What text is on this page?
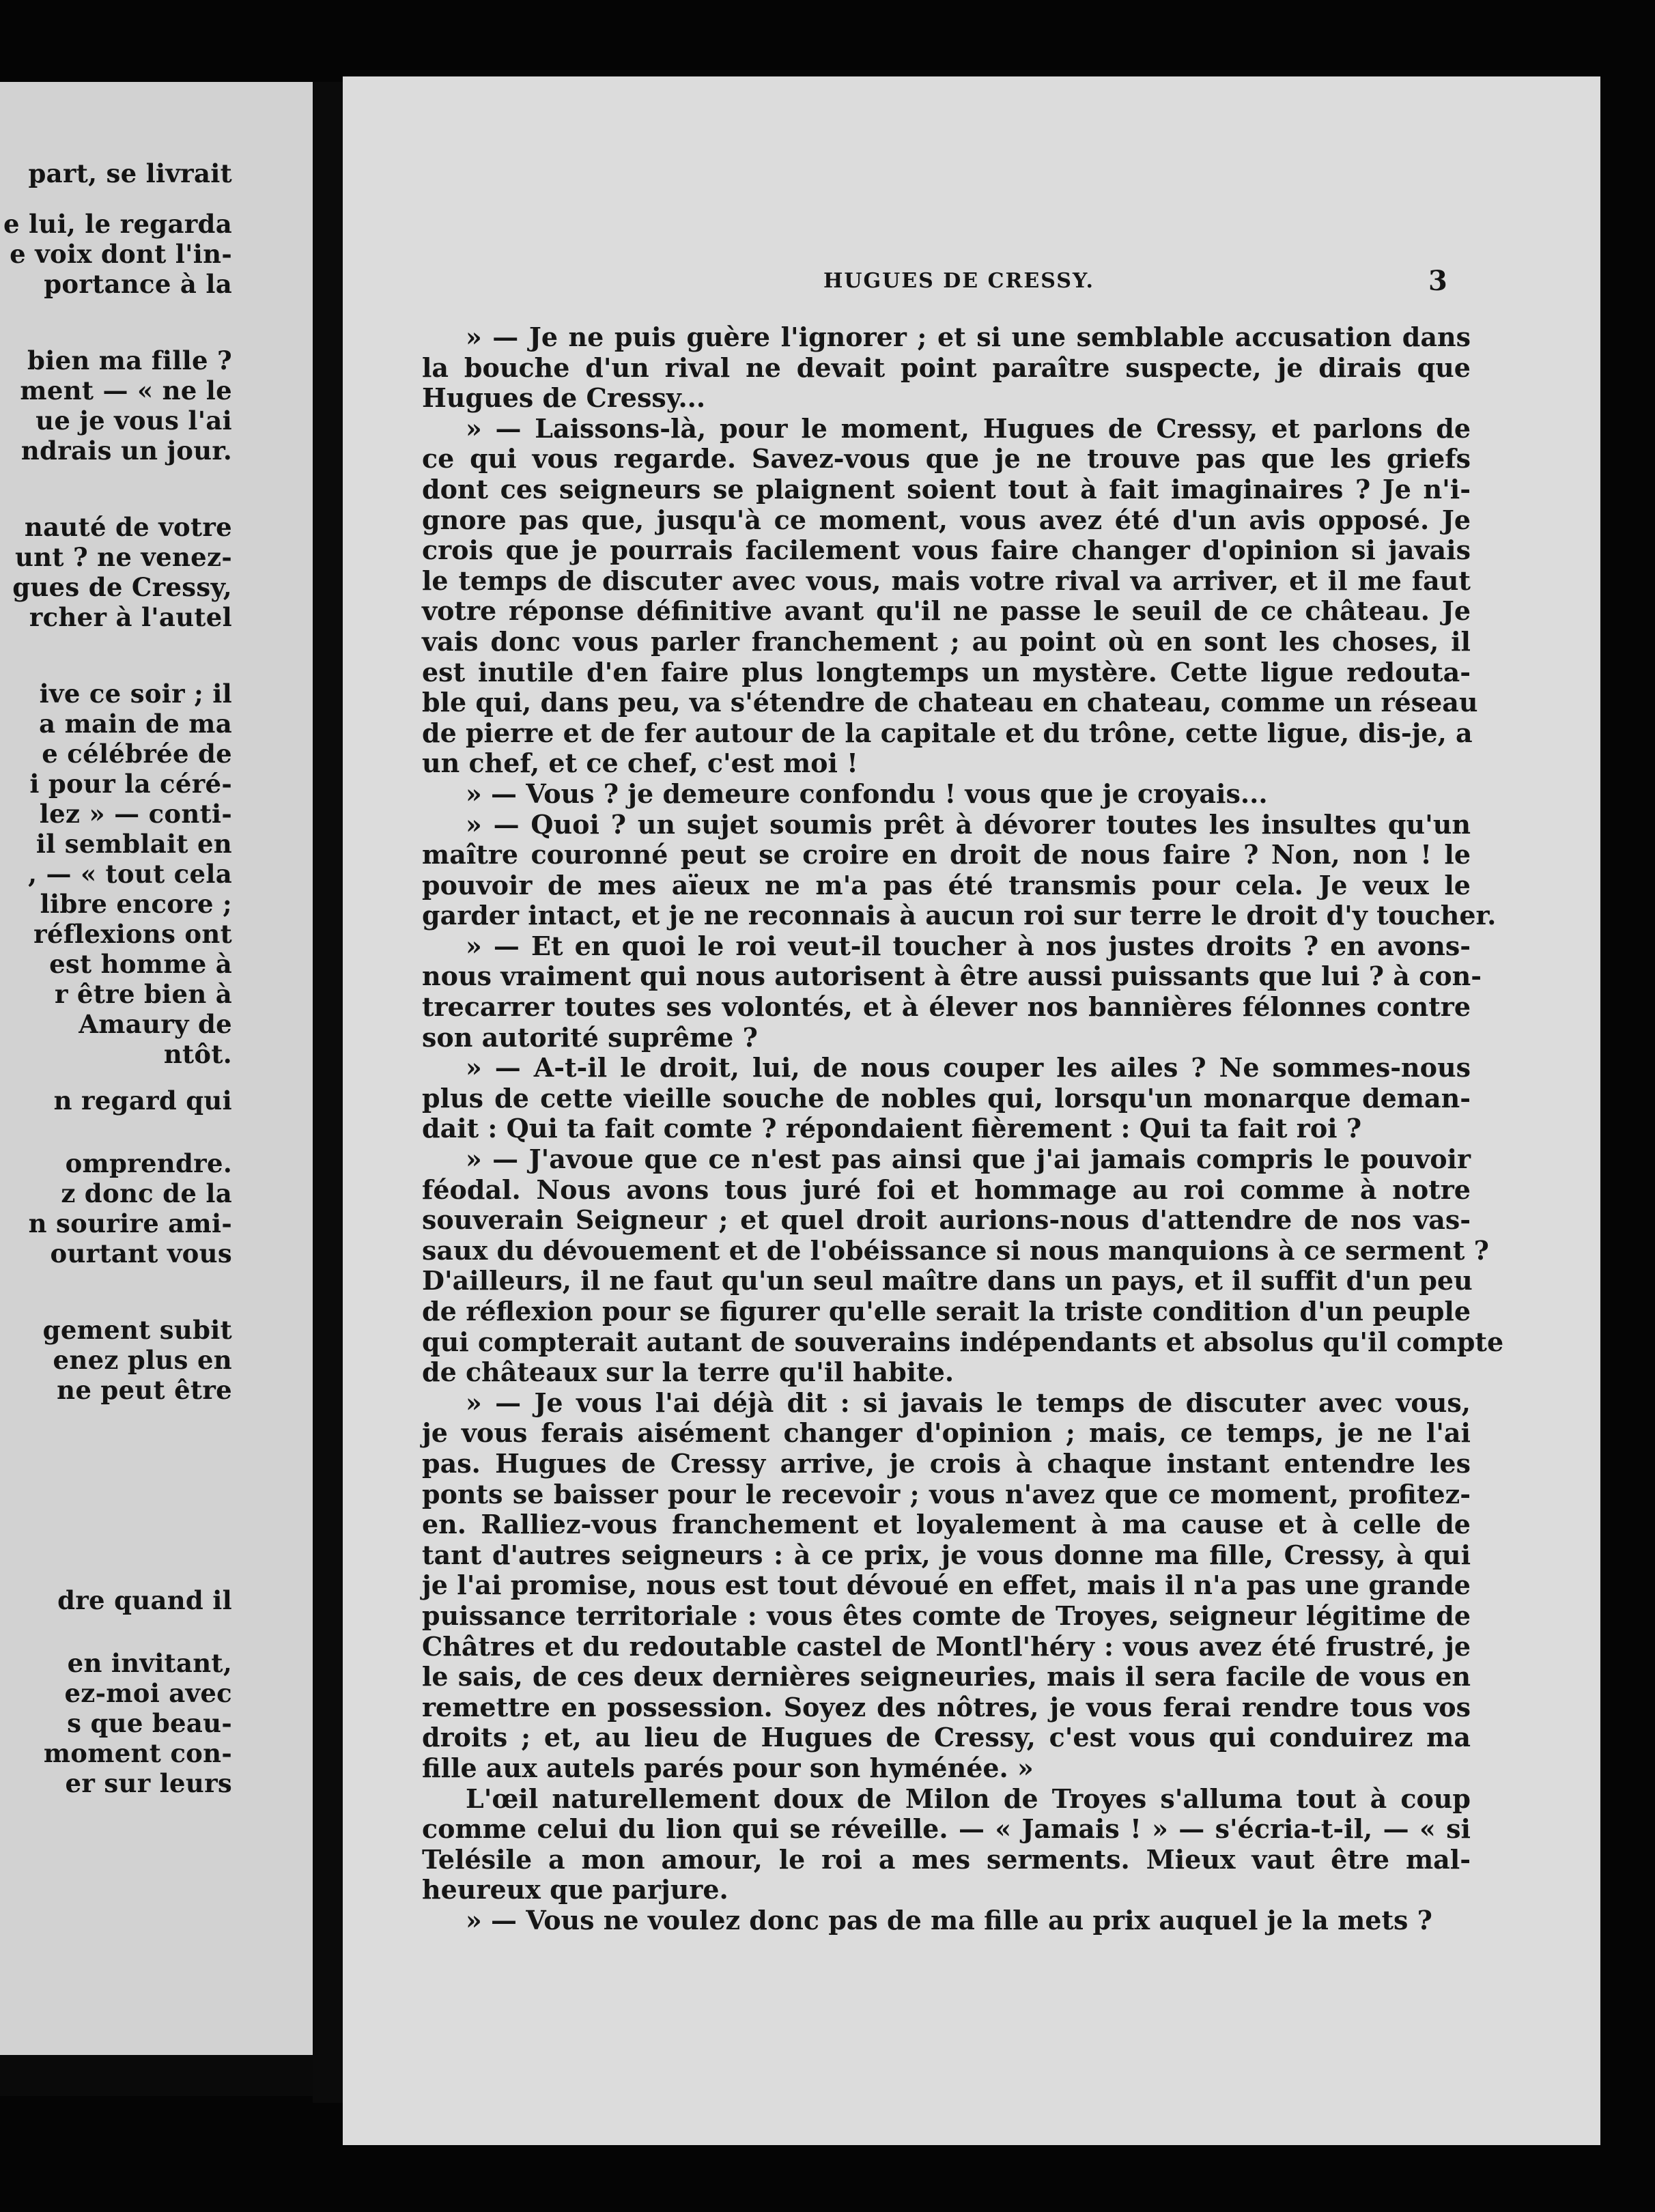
part, se livrait
e lui, le regarda
e voix dont l'in-
portance à la
bien ma fille ?
ment — « ne le
ue je vous l'ai
ndrais un jour.
nauté de votre
unt ? ne venez-
gues de Cressy,
rcher à l'autel
ive ce soir ; il
a main de ma
e célébrée de
i pour la céré-
lez » — conti-
il semblait en
, — « tout cela
libre encore ;
réflexions ont
est homme à
r être bien à
Amaury de
ntôt.
n regard qui
omprendre.
z donc de la
n sourire ami-
ourtant vous
gement subit
enez plus en
ne peut être
dre quand il
en invitant,
ez-moi avec
s que beau-
moment con-
er sur leurs
HUGUES DE CRESSY.	3
» — Je ne puis guère l'ignorer ; et si une semblable accusation dans
la bouche d'un rival ne devait point paraître suspecte, je dirais que
Hugues de Cressy...
» — Laissons-là, pour le moment, Hugues de Cressy, et parlons de
ce qui vous regarde. Savez-vous que je ne trouve pas que les griefs
dont ces seigneurs se plaignent soient tout à fait imaginaires ? Je n'i-
gnore pas que, jusqu'à ce moment, vous avez été d'un avis opposé. Je
crois que je pourrais facilement vous faire changer d'opinion si javais
le temps de discuter avec vous, mais votre rival va arriver, et il me faut
votre réponse définitive avant qu'il ne passe le seuil de ce château. Je
vais donc vous parler franchement ; au point où en sont les choses, il
est inutile d'en faire plus longtemps un mystère. Cette ligue redouta-
ble qui, dans peu, va s'étendre de chateau en chateau, comme un réseau
de pierre et de fer autour de la capitale et du trône, cette ligue, dis-je, a
un chef, et ce chef, c'est moi !
» — Vous ? je demeure confondu ! vous que je croyais...
» — Quoi ? un sujet soumis prêt à dévorer toutes les insultes qu'un
maître couronné peut se croire en droit de nous faire ? Non, non ! le
pouvoir de mes aïeux ne m'a pas été transmis pour cela. Je veux le
garder intact, et je ne reconnais à aucun roi sur terre le droit d'y toucher.
» — Et en quoi le roi veut-il toucher à nos justes droits ? en avons-
nous vraiment qui nous autorisent à être aussi puissants que lui ? à con-
trecarrer toutes ses volontés, et à élever nos bannières félonnes contre
son autorité suprême ?
» — A-t-il le droit, lui, de nous couper les ailes ? Ne sommes-nous
plus de cette vieille souche de nobles qui, lorsqu'un monarque deman-
dait : Qui ta fait comte ? répondaient fièrement : Qui ta fait roi ?
» — J'avoue que ce n'est pas ainsi que j'ai jamais compris le pouvoir
féodal. Nous avons tous juré foi et hommage au roi comme à notre
souverain Seigneur ; et quel droit aurions-nous d'attendre de nos vas-
saux du dévouement et de l'obéissance si nous manquions à ce serment ?
D'ailleurs, il ne faut qu'un seul maître dans un pays, et il suffit d'un peu
de réflexion pour se figurer qu'elle serait la triste condition d'un peuple
qui compterait autant de souverains indépendants et absolus qu'il compte
de châteaux sur la terre qu'il habite.
» — Je vous l'ai déjà dit : si javais le temps de discuter avec vous,
je vous ferais aisément changer d'opinion ; mais, ce temps, je ne l'ai
pas. Hugues de Cressy arrive, je crois à chaque instant entendre les
ponts se baisser pour le recevoir ; vous n'avez que ce moment, profitez-
en. Ralliez-vous franchement et loyalement à ma cause et à celle de
tant d'autres seigneurs : à ce prix, je vous donne ma fille, Cressy, à qui
je l'ai promise, nous est tout dévoué en effet, mais il n'a pas une grande
puissance territoriale : vous êtes comte de Troyes, seigneur légitime de
Châtres et du redoutable castel de Montl'héry : vous avez été frustré, je
le sais, de ces deux dernières seigneuries, mais il sera facile de vous en
remettre en possession. Soyez des nôtres, je vous ferai rendre tous vos
droits ; et, au lieu de Hugues de Cressy, c'est vous qui conduirez ma
fille aux autels parés pour son hyménée. »
L'œil naturellement doux de Milon de Troyes s'alluma tout à coup
comme celui du lion qui se réveille. — « Jamais ! » — s'écria-t-il, — « si
Telésile a mon amour, le roi a mes serments. Mieux vaut être mal-
heureux que parjure.
» — Vous ne voulez donc pas de ma fille au prix auquel je la mets ?
